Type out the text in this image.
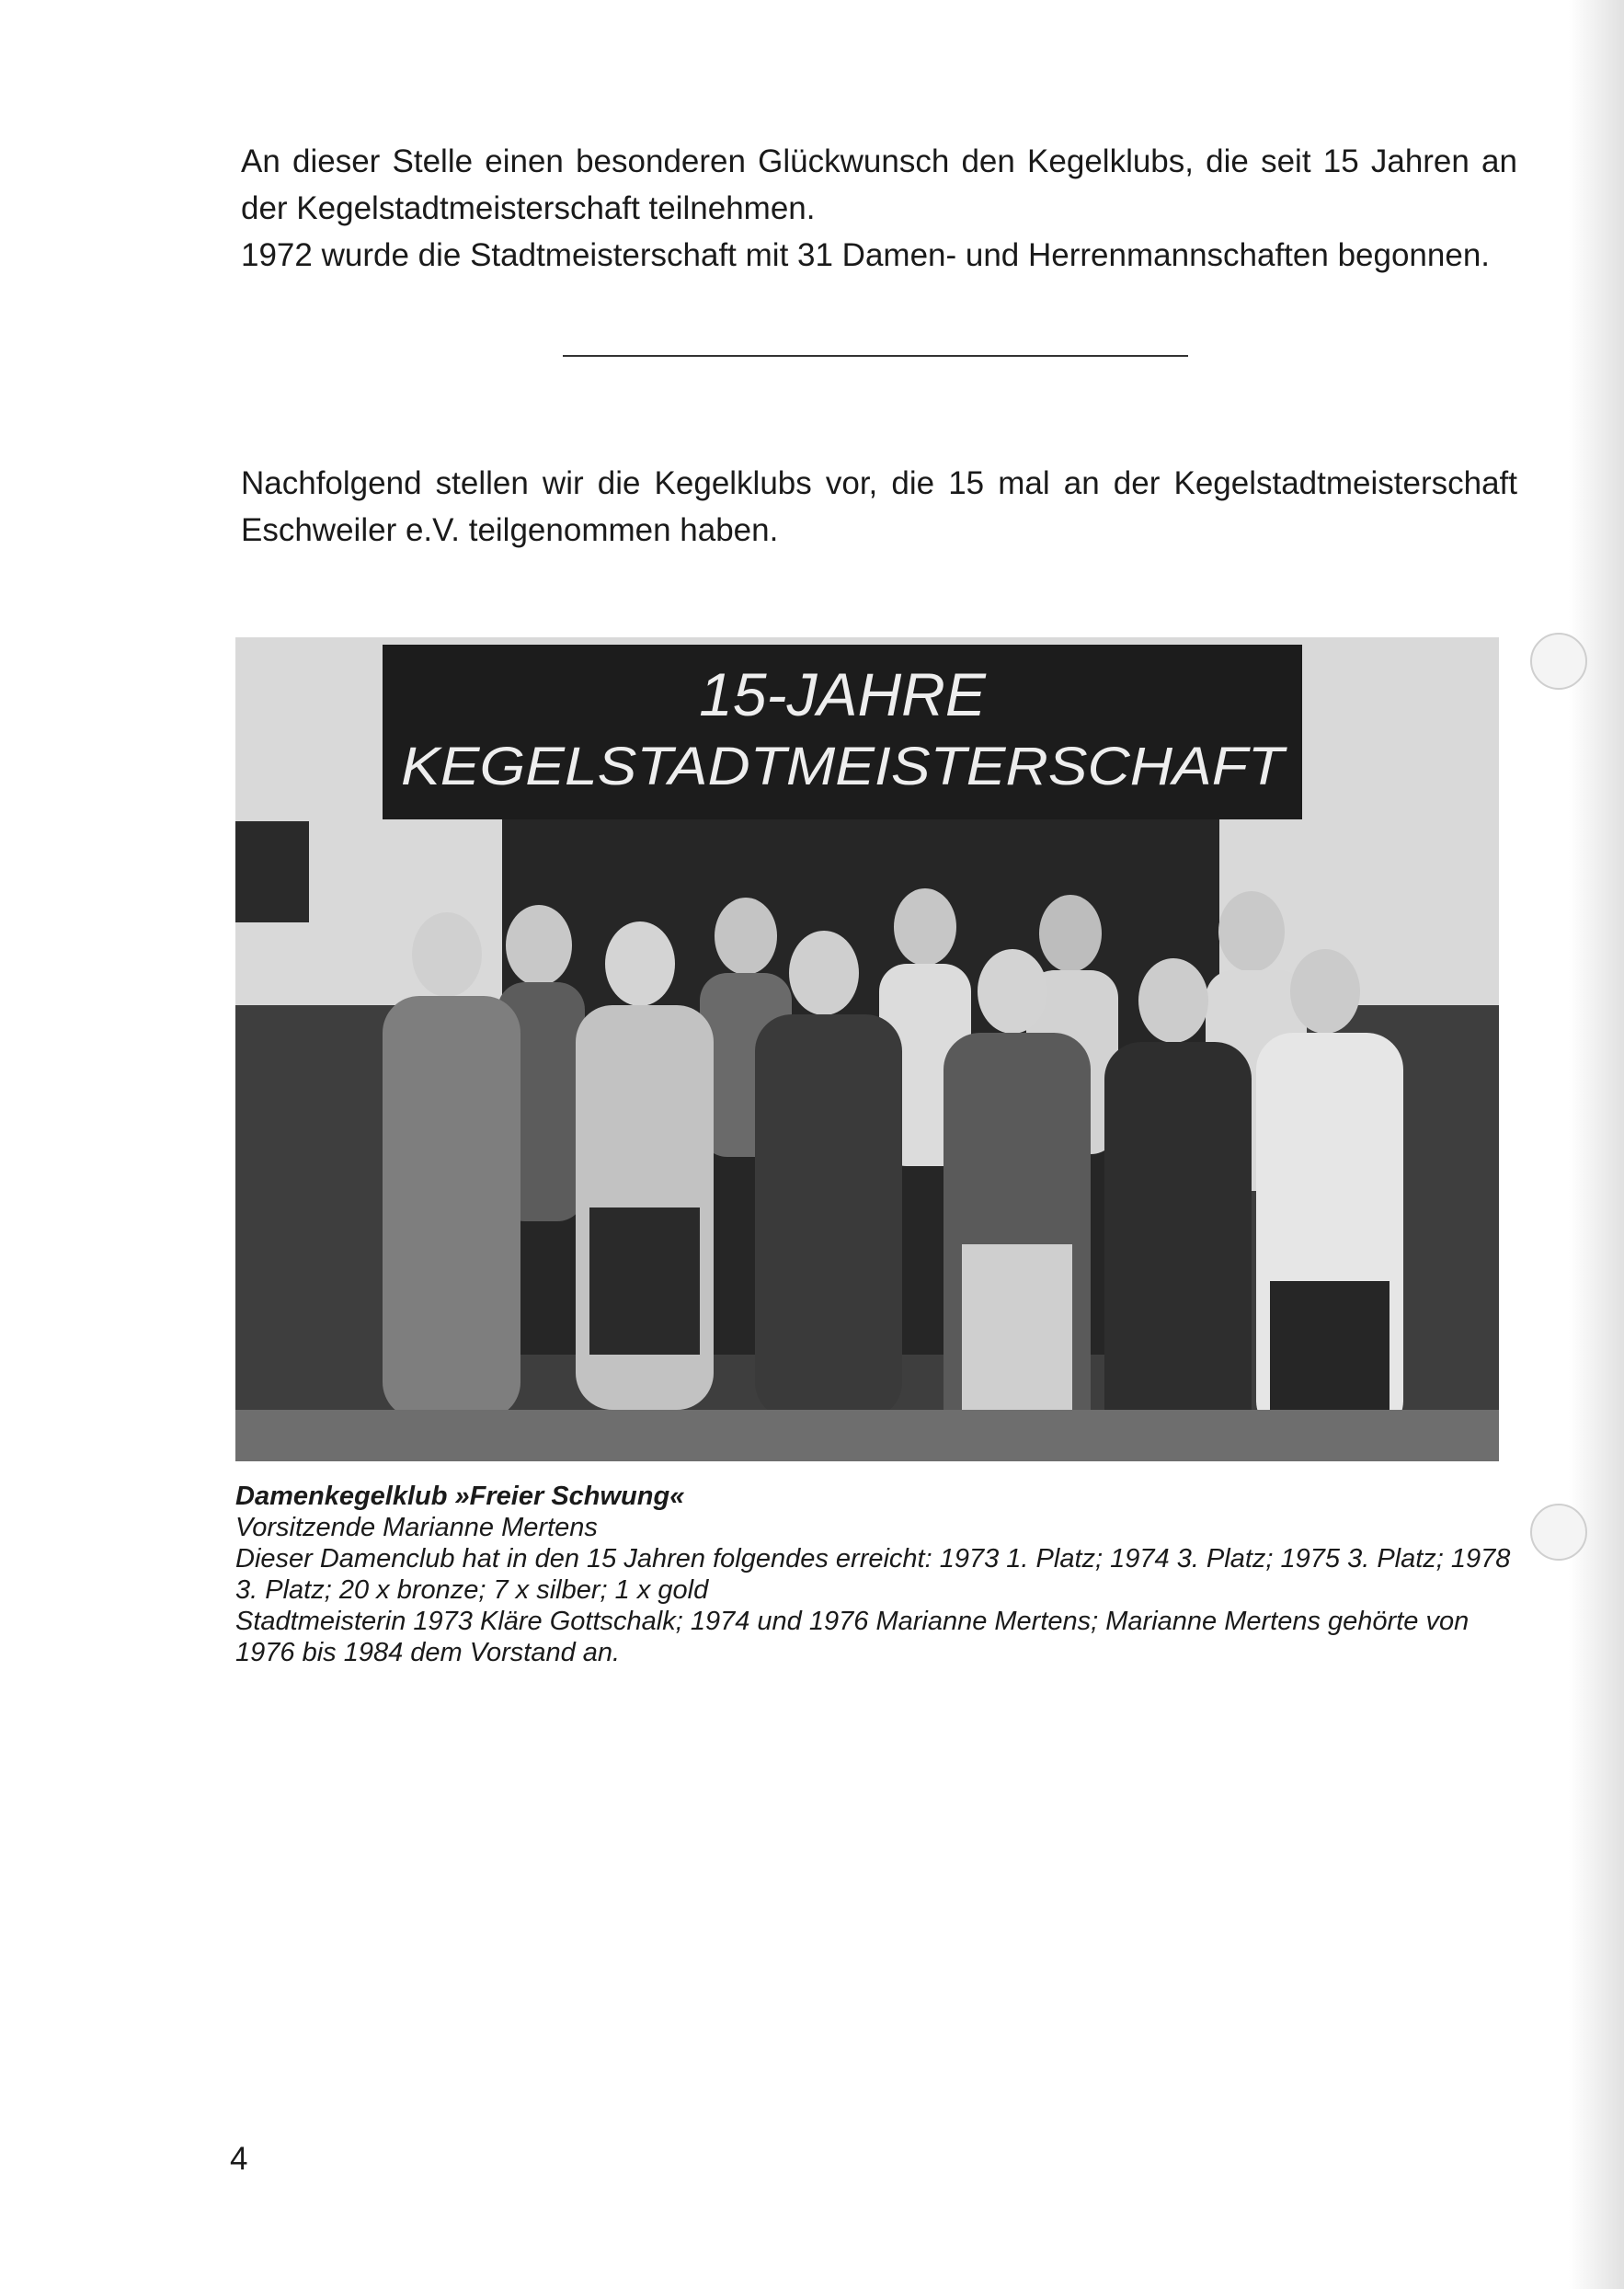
An dieser Stelle einen besonderen Glückwunsch den Kegelklubs, die seit 15 Jahren an der Kegelstadtmeisterschaft teilnehmen.

1972 wurde die Stadtmeisterschaft mit 31 Damen- und Herrenmannschaften begonnen.

Nachfolgend stellen wir die Kegelklubs vor, die 15 mal an der Kegelstadtmeisterschaft Eschweiler e.V. teilgenommen haben.

15-JAHRE
KEGELSTADTMEISTERSCHAFT
Damenkegelklub »Freier Schwung«
Vorsitzende Marianne Mertens
Dieser Damenclub hat in den 15 Jahren folgendes erreicht: 1973 1. Platz; 1974 3. Platz; 1975 3. Platz; 1978 3. Platz; 20 x bronze; 7 x silber; 1 x gold
Stadtmeisterin 1973 Kläre Gottschalk; 1974 und 1976 Marianne Mertens; Marianne Mertens gehörte von 1976 bis 1984 dem Vorstand an.
4
